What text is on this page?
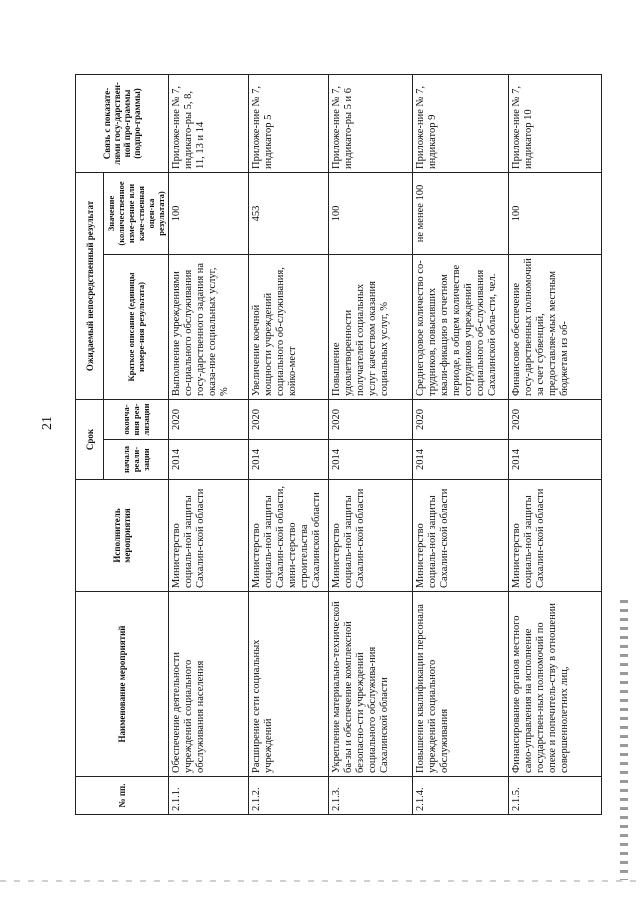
21
№ пп.	Наименование мероприятий	Исполнитель мероприятия	Срок		Ожидаемый непосредственный результат		Связь с показате-лями госу-дарствен-ной про-граммы (подпро-граммы)
			начала реали-зации	оконча-ния реа-лизации	Краткое описание (единицы измере-ния результата)	Значение (количественное изме-рение или каче-ственная оцен-ка результата)	
2.1.1.	Обеспечение деятельности учреждений социального обслуживания населения	Министерство социаль-ной защиты Сахалин-ской области	2014	2020	Выполнение учреждениями со-циального обслуживания госу-дарственного задания на оказа-ние социальных услуг, %	100	Приложе-ние № 7, индикато-ры 5, 8, 11, 13 и 14
2.1.2.	Расширение сети социальных учреждений	Министерство социаль-ной защиты Сахалин-ской области, мини-стерство строительства Сахалинской области	2014	2020	Увеличение коечной мощности учреждений социального об-служивания, койко-мест	453	Приложе-ние № 7, индикатор 5
2.1.3.	Укрепление материально-технической ба-зы и обеспечение комплексной безопасно-сти учреждений социального обслужива-ния Сахалинской области	Министерство социаль-ной защиты Сахалин-ской области	2014	2020	Повышение удовлетворенности получателей социальных услуг качеством оказания социальных услуг, %	100	Приложе-ние № 7, индикато-ры 5 и 6
2.1.4.	Повышение квалификации персонала учреждений социального обслуживания	Министерство социаль-ной защиты Сахалин-ской области	2014	2020	Среднегодовое количество со-трудников, повысивших квали-фикацию в отчетном периоде, в общем количестве сотрудников учреждений социального об-служивания Сахалинской обла-сти, чел.	не менее 100	Приложе-ние № 7, индикатор 9
2.1.5.	Финансирование органов местного само-управления на исполнение государствен-ных полномочий по опеке и попечитель-ству в отношении совершеннолетних лиц,	Министерство социаль-ной защиты Сахалин-ской области	2014	2020	Финансовое обеспечение госу-дарственных полномочий за счет субвенций, предоставляе-мых местным бюджетам из об-	100	Приложе-ние № 7, индикатор 10
